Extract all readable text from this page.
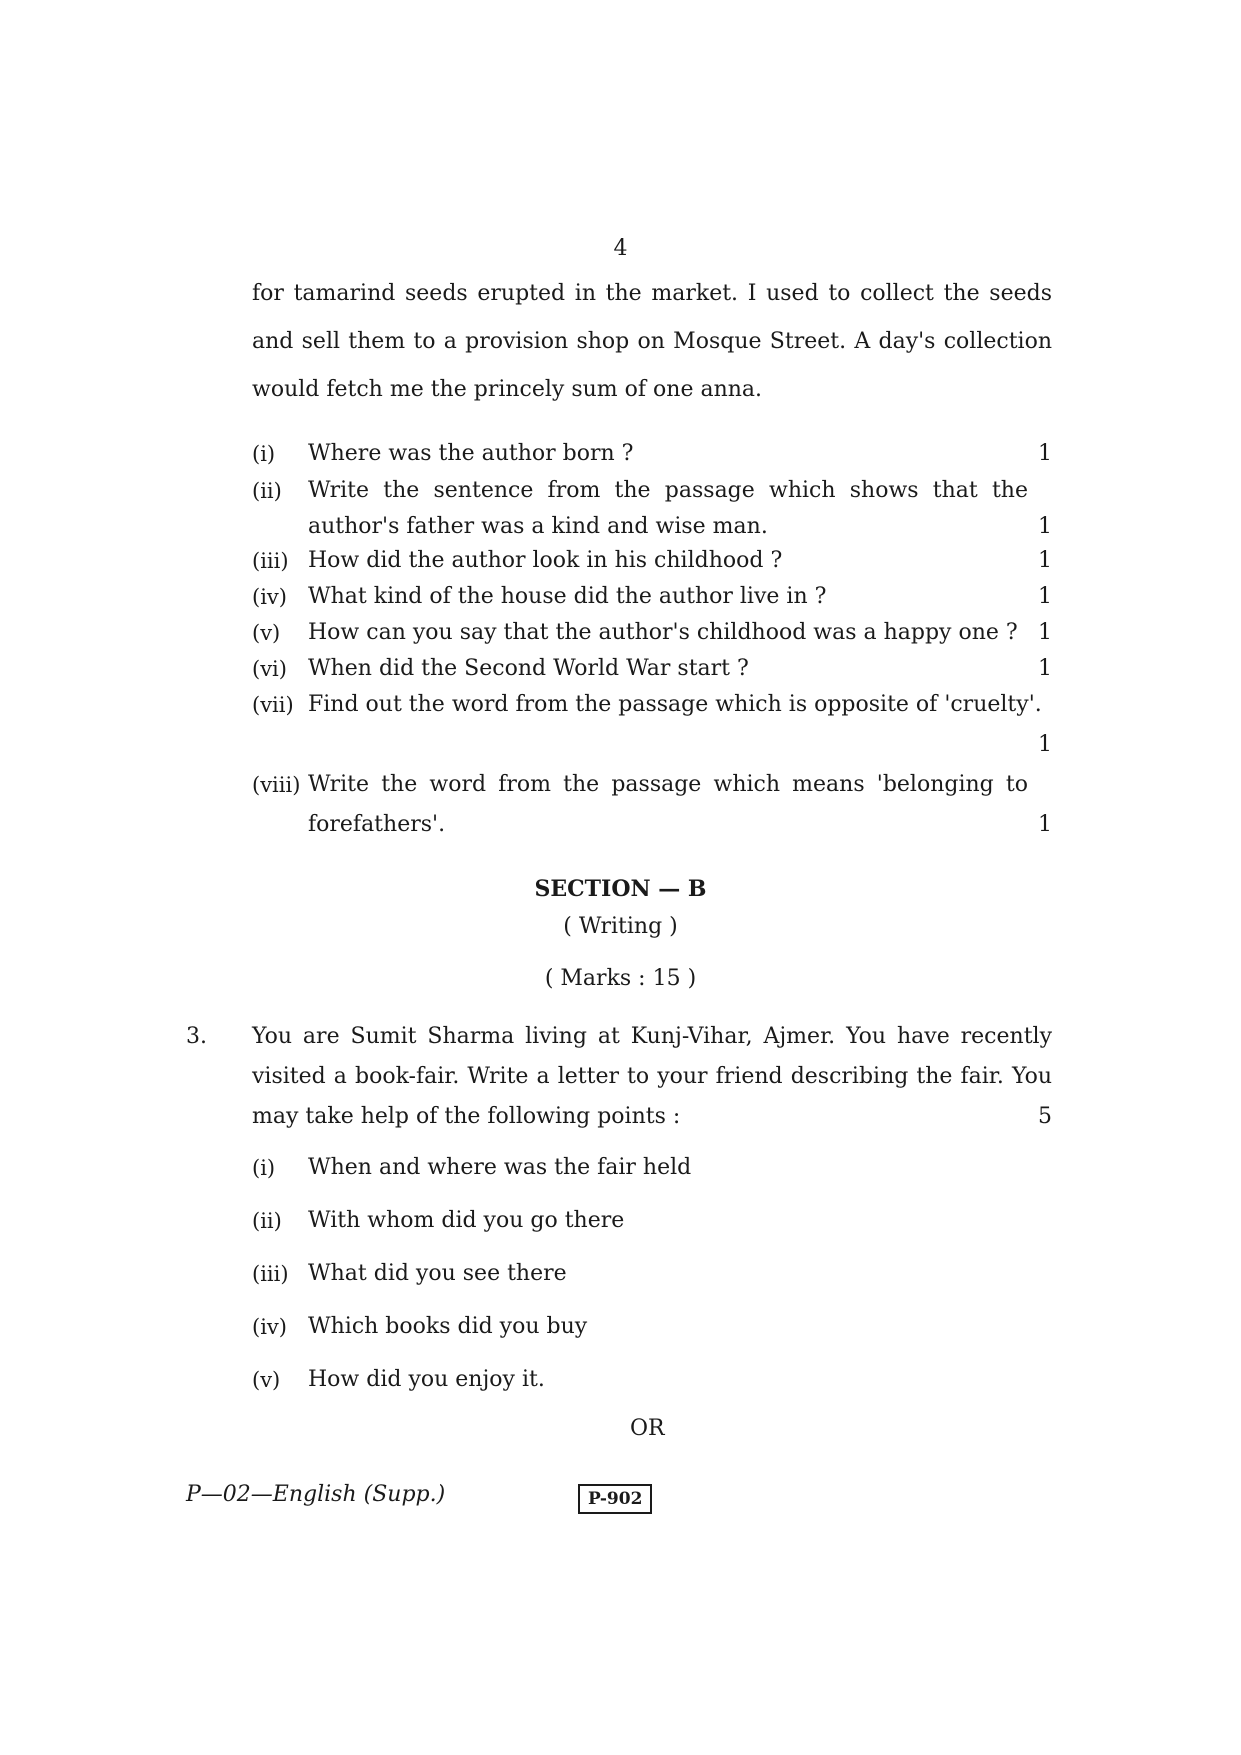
4
for tamarind seeds erupted in the market. I used to collect the seeds and sell them to a provision shop on Mosque Street. A day's collection would fetch me the princely sum of one anna.
(i)	Where was the author born ?	1
(ii)	Write the sentence from the passage which shows that the author's father was a kind and wise man.	1
(iii) How did the author look in his childhood ?	1
(iv) What kind of the house did the author live in ?	1
(v)	How can you say that the author's childhood was a happy one ? 1
(vi) When did the Second World War start ?	1
(vii) Find out the word from the passage which is opposite of 'cruelty'.
1
(viii) Write the word from the passage which means 'belonging to forefathers'.	1
SECTION — B
( Writing )
( Marks : 15 )
3. You are Sumit Sharma living at Kunj-Vihar, Ajmer. You have recently visited a book-fair. Write a letter to your friend describing the fair. You may take help of the following points :	5
(i) When and where was the fair held
(ii) With whom did you go there
(iii) What did you see there
(iv) Which books did you buy
(v) How did you enjoy it.
OR
P—02—English (Supp.)	P-902
